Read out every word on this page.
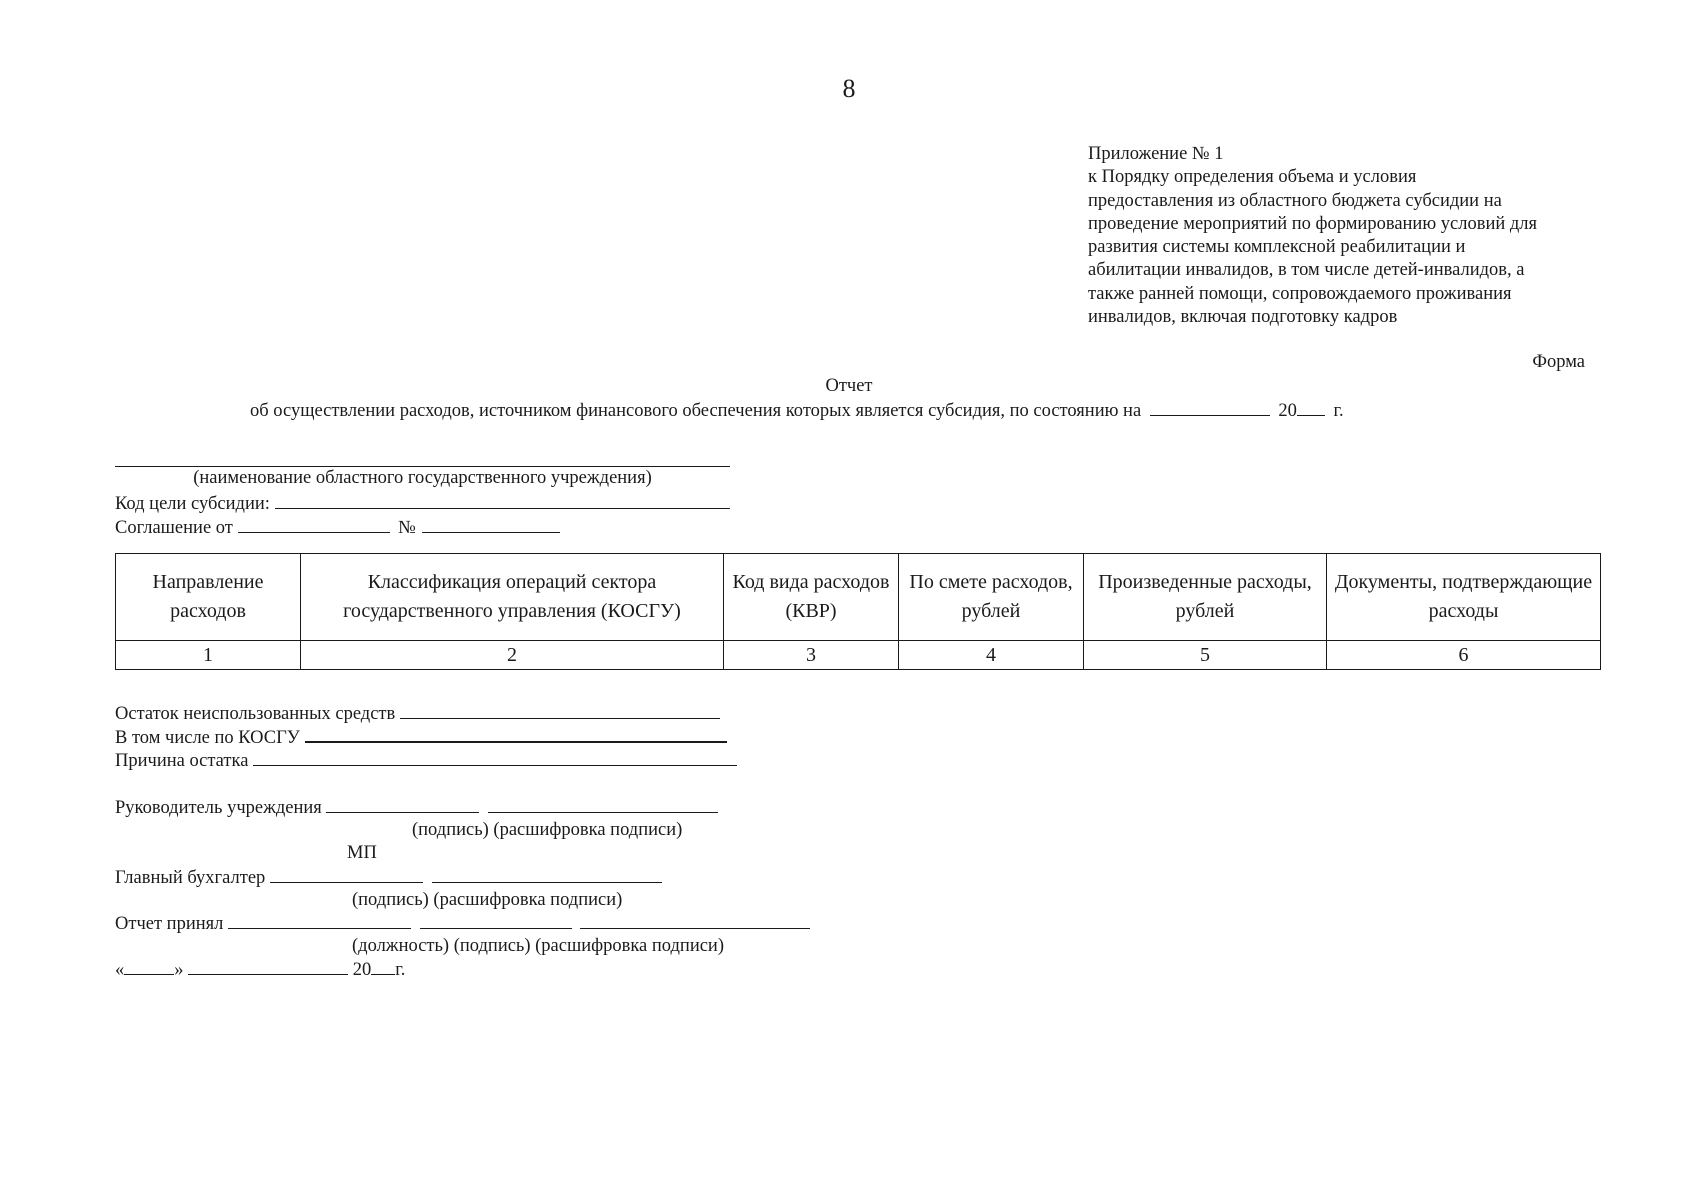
8
Приложение № 1
к Порядку определения объема и условия
предоставления из областного бюджета субсидии на
проведение мероприятий по формированию условий для
развития системы комплексной реабилитации и
абилитации инвалидов, в том числе детей-инвалидов, а
также ранней помощи, сопровождаемого проживания
инвалидов, включая подготовку кадров
Форма
Отчет
об осуществлении расходов, источником финансового обеспечения которых является субсидия, по состоянию на	20 г.
(наименование областного государственного учреждения)
Код цели субсидии:
Соглашение от	№
Направление расходов	Классификация операций сектора государственного управления (КОСГУ)	Код вида расходов (КВР)	По смете расходов, рублей	Произведенные расходы, рублей	Документы, подтверждающие расходы
1	2	3	4	5	6
Остаток неиспользованных средств
В том числе по КОСГУ
Причина остатка
Руководитель учреждения
(подпись) (расшифровка подписи)
МП
Главный бухгалтер
(подпись) (расшифровка подписи)
Отчет принял
(должность) (подпись) (расшифровка подписи)
«	»	20 г.
